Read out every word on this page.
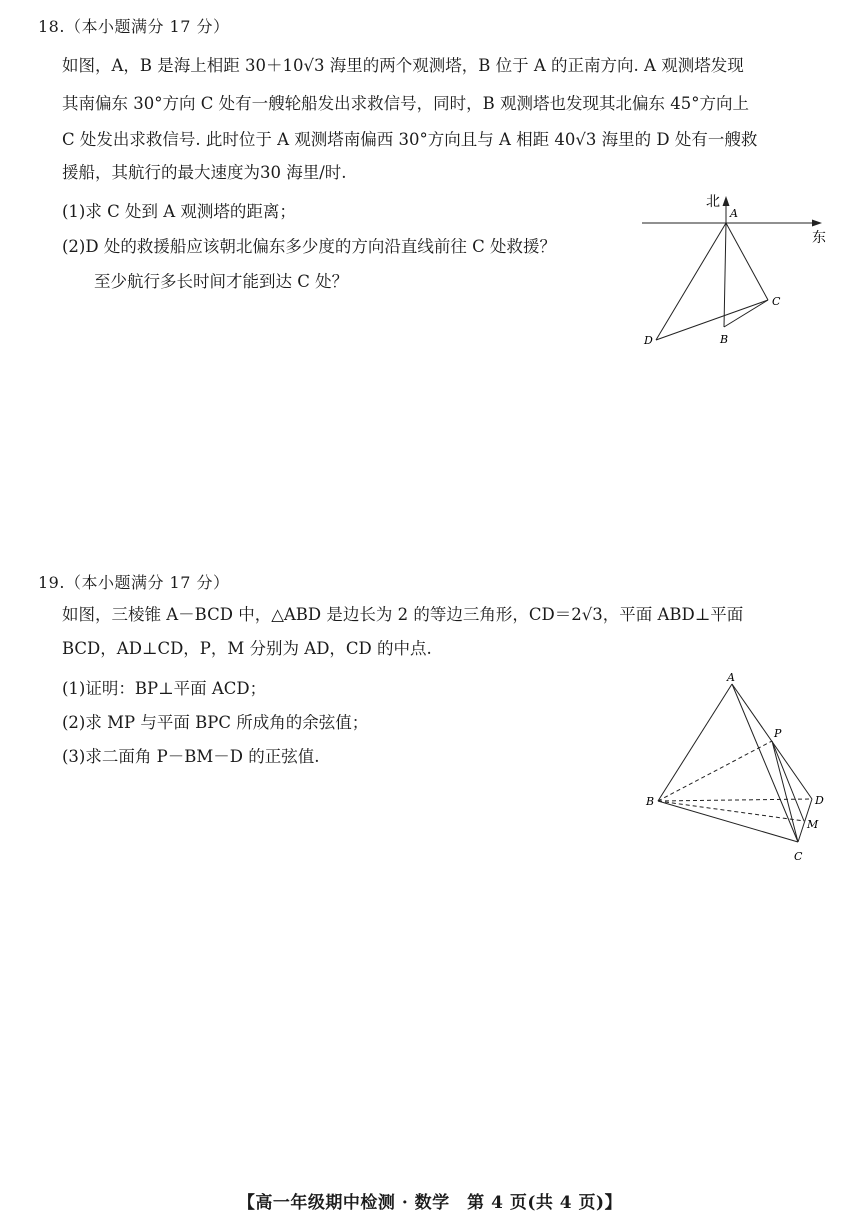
18.（本小题满分 17 分）
如图，A，B 是海上相距 30＋10√3 海里的两个观测塔，B 位于 A 的正南方向. A 观测塔发现
其南偏东 30°方向 C 处有一艘轮船发出求救信号，同时，B 观测塔也发现其北偏东 45°方向上
C 处发出求救信号. 此时位于 A 观测塔南偏西 30°方向且与 A 相距 40√3 海里的 D 处有一艘救
援船，其航行的最大速度为30 海里/时.
(1)求 C 处到 A 观测塔的距离；
(2)D 处的救援船应该朝北偏东多少度的方向沿直线前往 C 处救援？
至少航行多长时间才能到达 C 处？
北
东
A
B
C
D
19.（本小题满分 17 分）
如图，三棱锥 A－BCD 中，△ABD 是边长为 2 的等边三角形，CD＝2√3，平面 ABD⊥平面
BCD，AD⊥CD，P，M 分别为 AD，CD 的中点.
(1)证明：BP⊥平面 ACD；
(2)求 MP 与平面 BPC 所成角的余弦值；
(3)求二面角 P－BM－D 的正弦值.
A
B
C
D
P
M
【高一年级期中检测 · 数学　第 4 页(共 4 页)】
